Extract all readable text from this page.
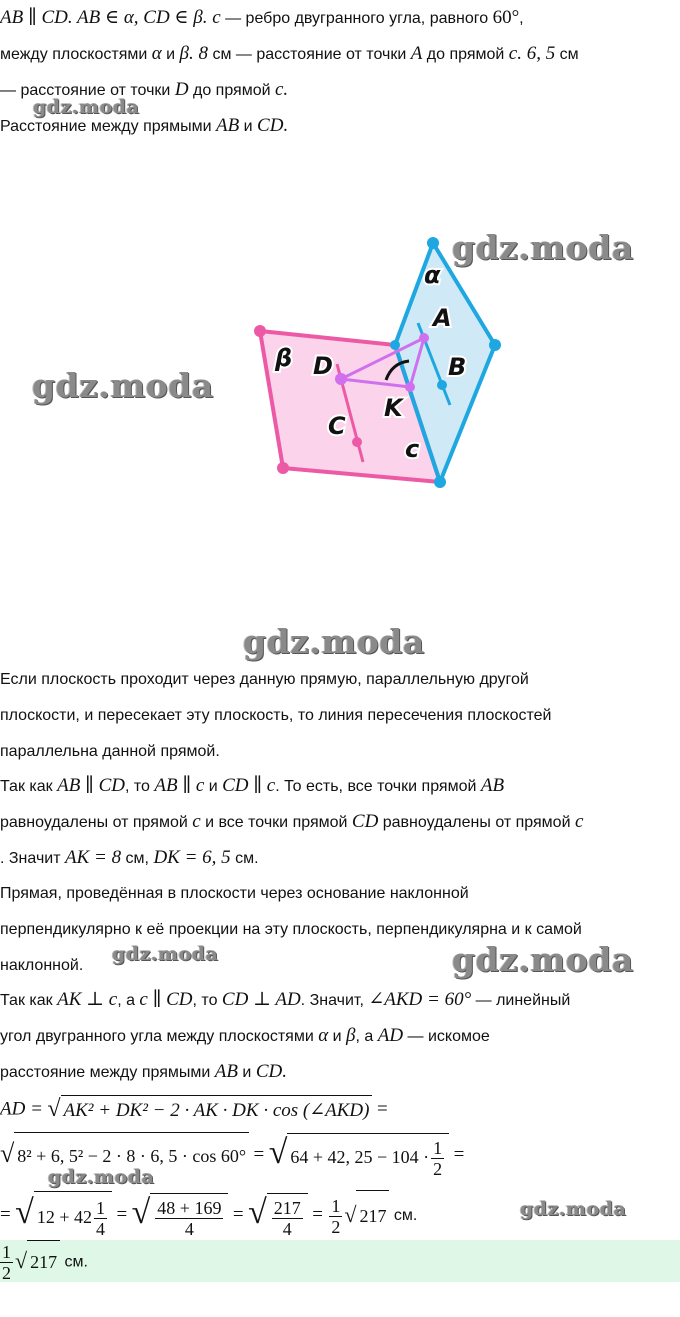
AB ∥ CD. AB ∈ α, CD ∈ β. c — ребро двугранного угла, равного 60°,
между плоскостями α и β. 8 см — расстояние от точки A до прямой c. 6, 5 см
— расстояние от точки D до прямой c.
Расстояние между прямыми AB и CD.
α
β
A
B
D
K
C
c
Если плоскость проходит через данную прямую, параллельную другой
плоскости, и пересекает эту плоскость, то линия пересечения плоскостей
параллельна данной прямой.
Так как AB ∥ CD, то AB ∥ c и CD ∥ c. То есть, все точки прямой AB
равноудалены от прямой c и все точки прямой CD равноудалены от прямой c
. Значит AK = 8 см, DK = 6, 5 см.
Прямая, проведённая в плоскости через основание наклонной
перпендикулярно к её проекции на эту плоскость, перпендикулярна и к самой
наклонной.
Так как AK ⊥ c, а c ∥ CD, то CD ⊥ AD. Значит, ∠AKD = 60° — линейный
угол двугранного угла между плоскостями α и β, а AD — искомое
расстояние между прямыми AB и CD.
AD = √ AK² + DK² − 2 · AK · DK · cos (∠AKD) =
√ 8² + 6, 5² − 2 · 8 · 6, 5 · cos 60° = √ 64 + 42, $25 - 104 \cdot \frac{1}{2}$ =
= √ $12 + 42 \frac{1}{4}$ = √ $\frac{48 + 169}{4}$ = √ $\frac{217}{4} = \frac{1}{2}$ √ 217 см.
$\frac{1}{2}$ √ 217 см.
gdz.moda
gdz.moda
gdz.moda
gdz.moda
gdz.moda	gdz.moda
gdz.moda
gdz.moda
